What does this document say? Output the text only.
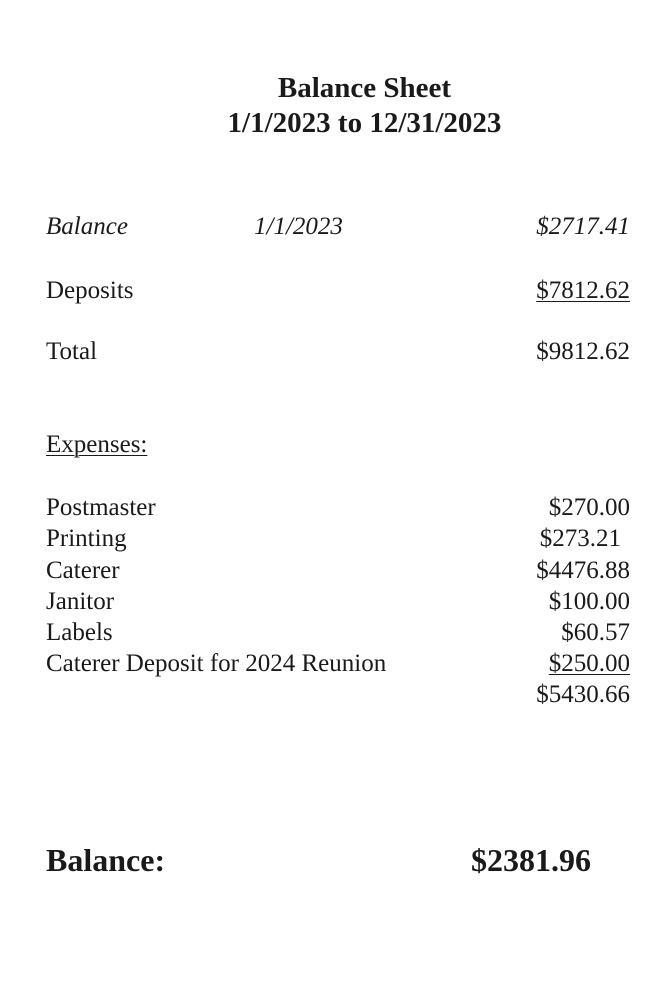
Balance Sheet
1/1/2023 to 12/31/2023
Balance	1/1/2023	$2717.41
Deposits	$7812.62
Total	$9812.62
Expenses:
Postmaster	$270.00
Printing	$273.21
Caterer	$4476.88
Janitor	$100.00
Labels	$60.57
Caterer Deposit for 2024 Reunion	$250.00
$5430.66
Balance:	$2381.96
